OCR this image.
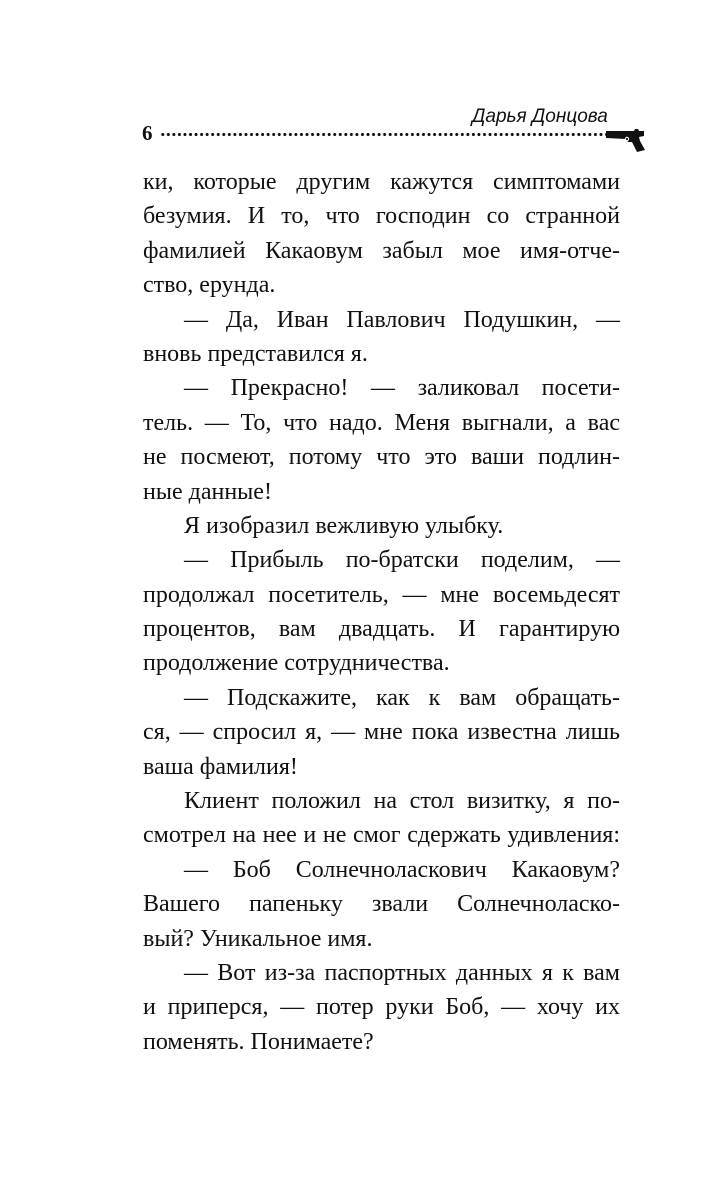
Дарья Донцова
6
ки, которые другим кажутся симптомами
безумия. И то, что господин со странной
фамилией Какаовум забыл мое имя-отче-
ство, ерунда.
— Да, Иван Павлович Подушкин, —
вновь представился я.
— Прекрасно! — заликовал посети-
тель. — То, что надо. Меня выгнали, а вас
не посмеют, потому что это ваши подлин-
ные данные!
Я изобразил вежливую улыбку.
— Прибыль по-братски поделим, —
продолжал посетитель, — мне восемьдесят
процентов, вам двадцать. И гарантирую
продолжение сотрудничества.
— Подскажите, как к вам обращать-
ся, — спросил я, — мне пока известна лишь
ваша фамилия!
Клиент положил на стол визитку, я по-
смотрел на нее и не смог сдержать удивления:
— Боб Солнечноласкович Какаовум?
Вашего папеньку звали Солнечноласко-
вый? Уникальное имя.
— Вот из-за паспортных данных я к вам
и приперся, — потер руки Боб, — хочу их
поменять. Понимаете?
